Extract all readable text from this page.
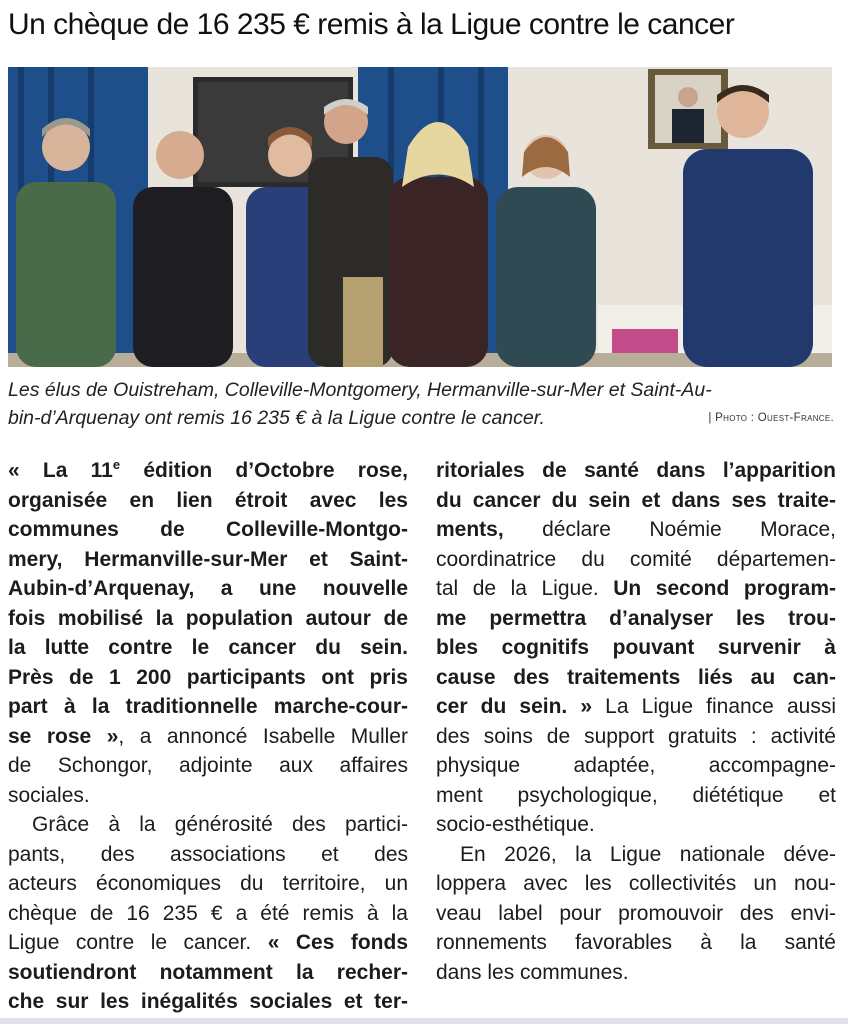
Un chèque de 16 235 € remis à la Ligue contre le cancer
Les élus de Ouistreham, Colleville-Montgomery, Hermanville-sur-Mer et Saint-Au-
bin-d’Arquenay ont remis 16 235 € à la Ligue contre le cancer.	| Photo : Ouest-France.
« La 11e édition d’Octobre rose,
organisée en lien étroit avec les
communes de Colleville-Montgo-
mery, Hermanville-sur-Mer et Saint-
Aubin-d’Arquenay, a une nouvelle
fois mobilisé la population autour de
la lutte contre le cancer du sein.
Près de 1 200 participants ont pris
part à la traditionnelle marche-cour-
se rose », a annoncé Isabelle Muller
de Schongor, adjointe aux affaires
sociales.
Grâce à la générosité des partici-
pants, des associations et des
acteurs économiques du territoire, un
chèque de 16 235 € a été remis à la
Ligue contre le cancer. « Ces fonds
soutiendront notamment la recher-
che sur les inégalités sociales et ter-
ritoriales de santé dans l’apparition
du cancer du sein et dans ses traite-
ments, déclare Noémie Morace,
coordinatrice du comité départemen-
tal de la Ligue. Un second program-
me permettra d’analyser les trou-
bles cognitifs pouvant survenir à
cause des traitements liés au can-
cer du sein. » La Ligue finance aussi
des soins de support gratuits : activité
physique adaptée, accompagne-
ment psychologique, diététique et
socio-esthétique.
En 2026, la Ligue nationale déve-
loppera avec les collectivités un nou-
veau label pour promouvoir des envi-
ronnements favorables à la santé
dans les communes.
